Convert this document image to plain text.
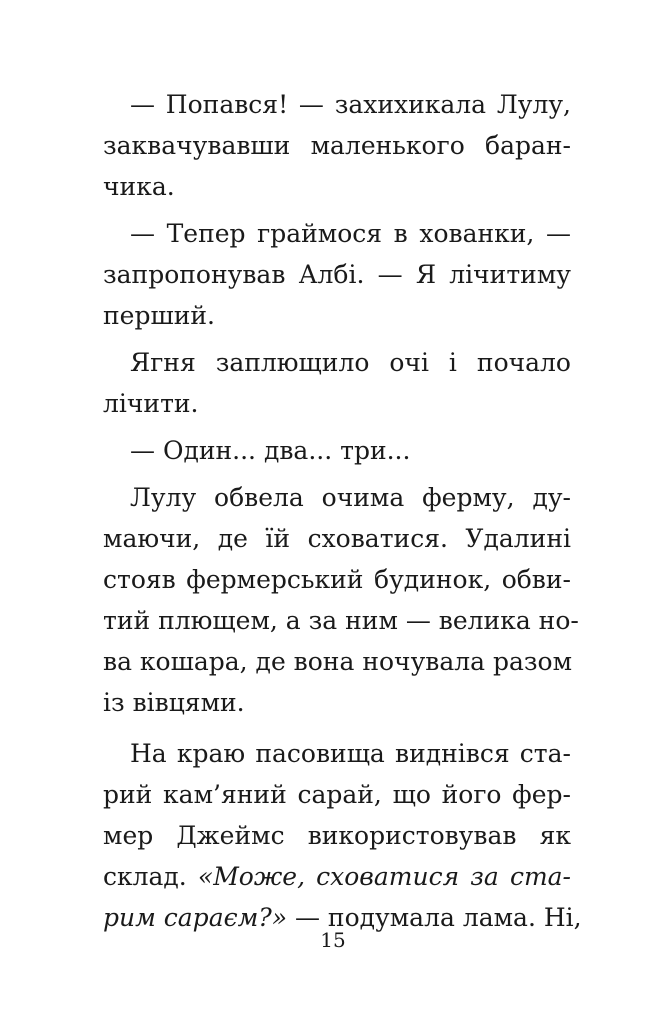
— Попався! — захихикала Лулу,
заквачувавши маленького баран-
чика.
— Тепер граймося в хованки, —
запропонував Албі. — Я лічитиму
перший.
Ягня заплющило очі і почало
лічити.
— Один... два... три...
Лулу обвела очима ферму, ду-
маючи, де їй сховатися. Удалині
стояв фермерський будинок, обви-
тий плющем, а за ним — велика но-
ва кошара, де вона ночувала разом
із вівцями.
На краю пасовища виднівся ста-
рий кам’яний сарай, що його фер-
мер Джеймс використовував як
склад. «Може, сховатися за ста-
рим сараєм?» — подумала лама. Ні,
15
